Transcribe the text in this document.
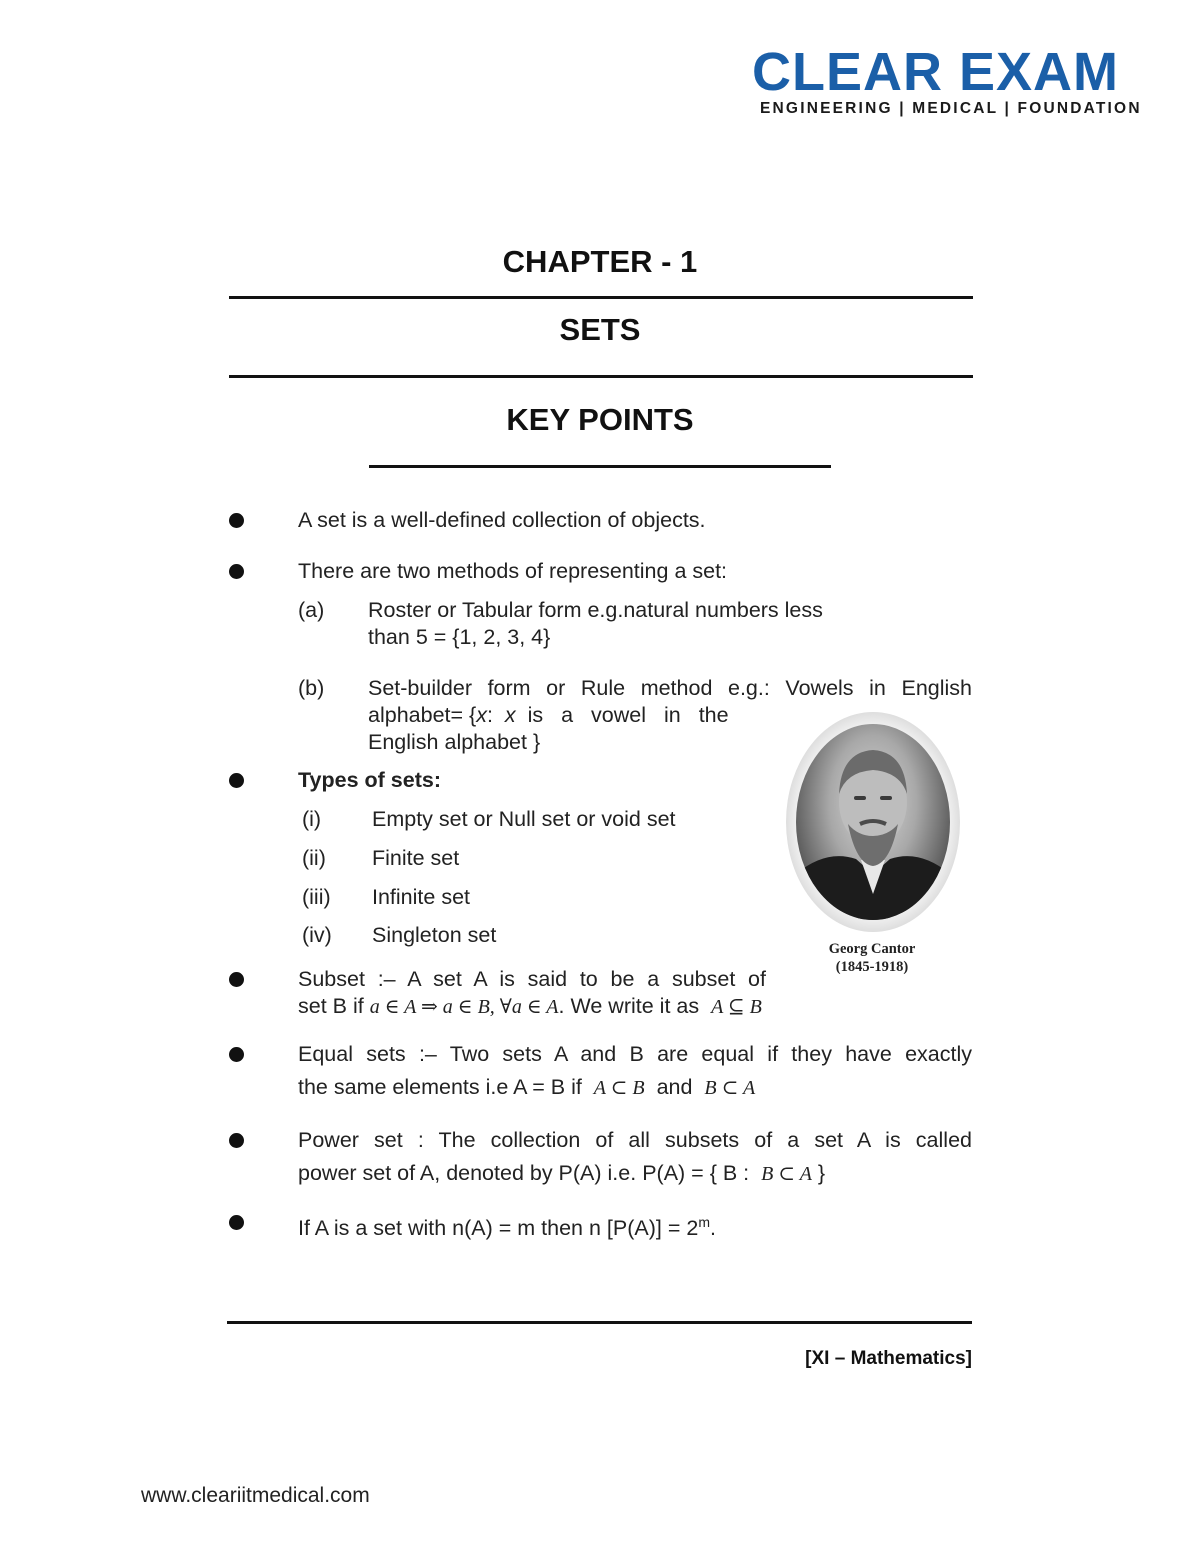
CLEAR EXAM
ENGINEERING | MEDICAL | FOUNDATION
CHAPTER - 1
SETS
KEY POINTS
A set is a well-defined collection of objects.
There are two methods of representing a set:
(a) Roster or Tabular form e.g.natural numbers less
than 5 = {1, 2, 3, 4}
(b) Set-builder form or Rule method e.g.: Vowels in English
alphabet= {x: x is a vowel in the
English alphabet }
Types of sets:
(i) Empty set or Null set or void set
(ii) Finite set
(iii) Infinite set
(iv) Singleton set
Georg Cantor
(1845-1918)
Subset :– A set A is said to be a subset of
set B if a ∈ A ⇒ a ∈ B, ∀a ∈ A. We write it as A ⊆ B
Equal sets :– Two sets A and B are equal if they have exactly
the same elements i.e A = B if A ⊂ B and B ⊂ A
Power set : The collection of all subsets of a set A is called
power set of A, denoted by P(A) i.e. P(A) = { B : B ⊂ A }
If A is a set with n(A) = m then n $[P(A)] = 2^m$.
[XI – Mathematics]
www.cleariitmedical.com
